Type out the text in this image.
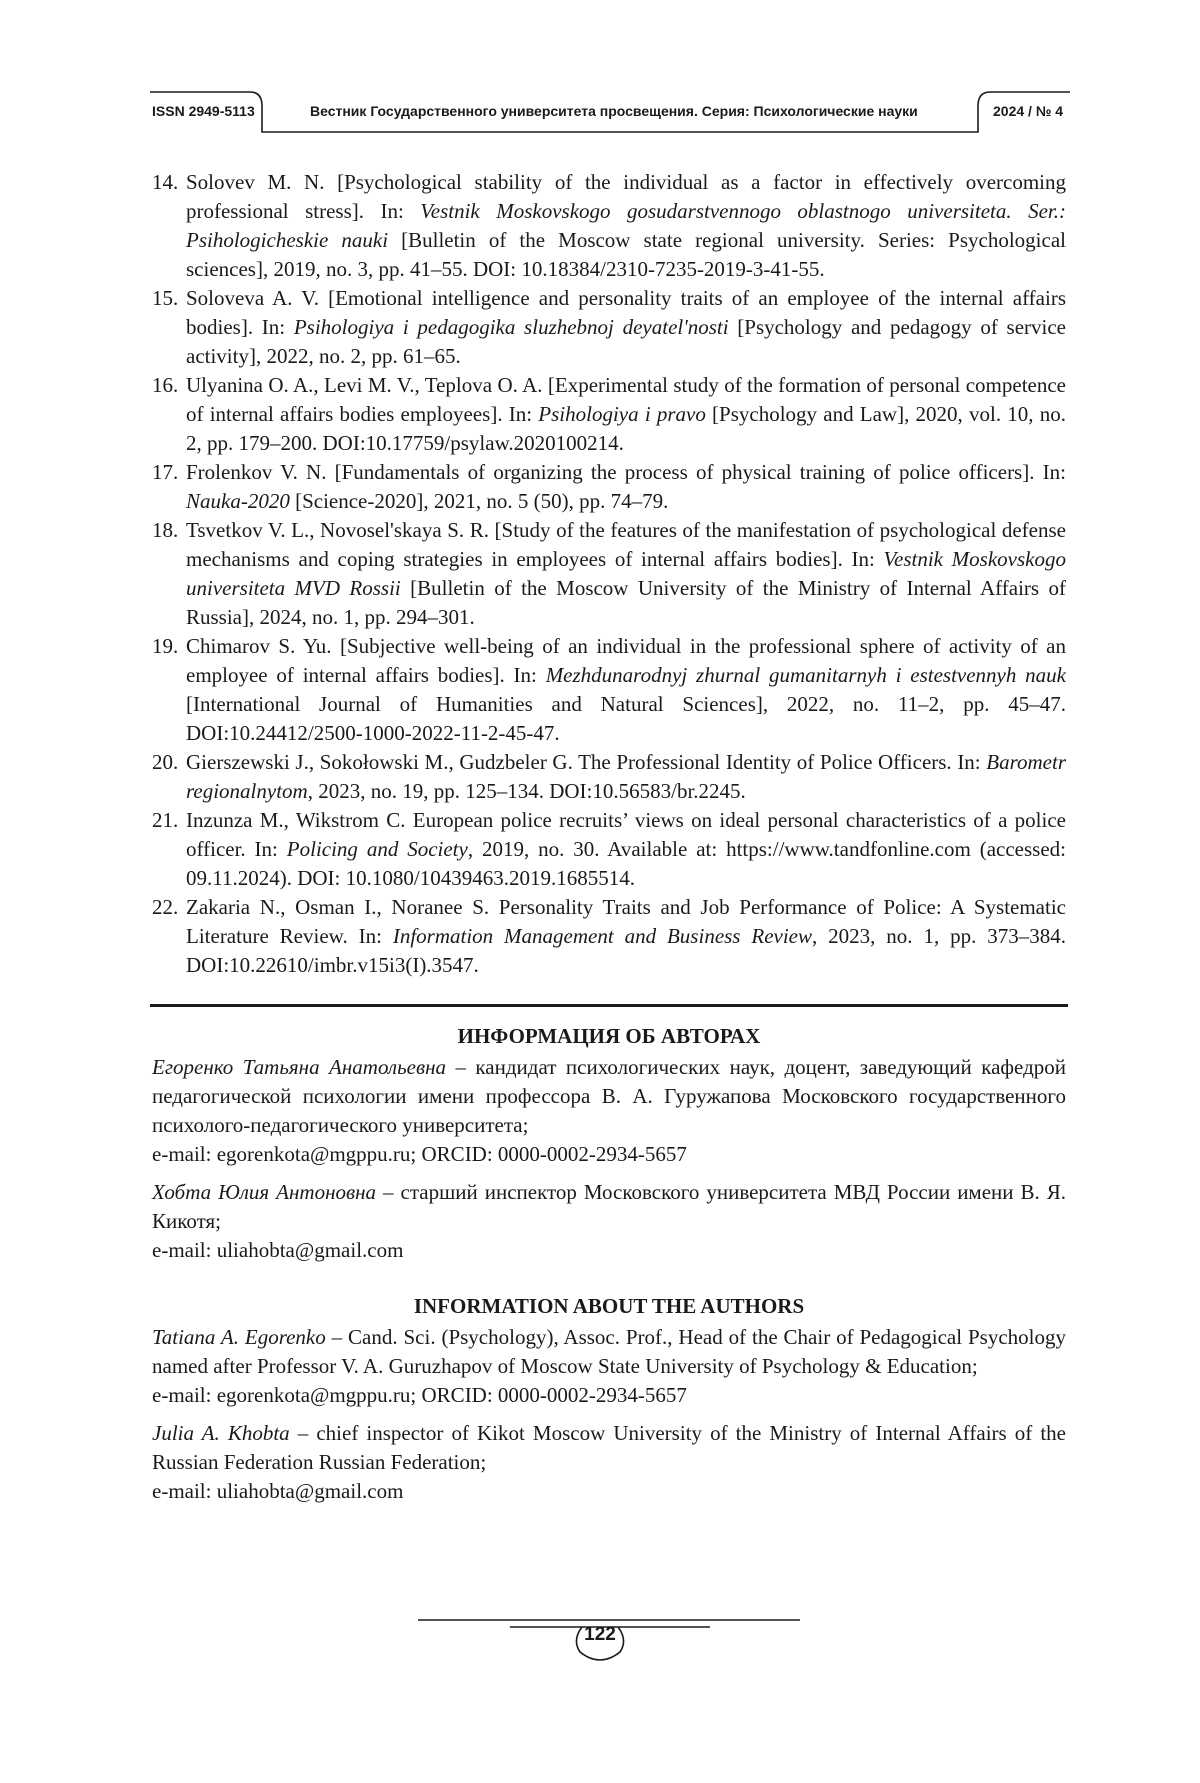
ISSN 2949-5113	Вестник Государственного университета просвещения. Серия: Психологические науки	2024 / № 4

14. Solovev M. N. [Psychological stability of the individual as a factor in effectively overcoming professional stress]. In: Vestnik Moskovskogo gosudarstvennogo oblastnogo universiteta. Ser.: Psihologicheskie nauki [Bulletin of the Moscow state regional university. Series: Psychological sciences], 2019, no. 3, pp. 41–55. DOI: 10.18384/2310-7235-2019-3-41-55.
15. Soloveva A. V. [Emotional intelligence and personality traits of an employee of the internal affairs bodies]. In: Psihologiya i pedagogika sluzhebnoj deyatel'nosti [Psychology and pedagogy of service activity], 2022, no. 2, pp. 61–65.
16. Ulyanina O. A., Levi M. V., Teplova O. A. [Experimental study of the formation of personal competence of internal affairs bodies employees]. In: Psihologiya i pravo [Psychology and Law], 2020, vol. 10, no. 2, pp. 179–200. DOI:10.17759/psylaw.2020100214.
17. Frolenkov V. N. [Fundamentals of organizing the process of physical training of police officers]. In: Nauka-2020 [Science-2020], 2021, no. 5 (50), pp. 74–79.
18. Tsvetkov V. L., Novosel'skaya S. R. [Study of the features of the manifestation of psychological defense mechanisms and coping strategies in employees of internal affairs bodies]. In: Vestnik Moskovskogo universiteta MVD Rossii [Bulletin of the Moscow University of the Ministry of Internal Affairs of Russia], 2024, no. 1, pp. 294–301.
19. Chimarov S. Yu. [Subjective well-being of an individual in the professional sphere of activity of an employee of internal affairs bodies]. In: Mezhdunarodnyj zhurnal gumanitarnyh i estestvennyh nauk [International Journal of Humanities and Natural Sciences], 2022, no. 11–2, pp. 45–47. DOI:10.24412/2500-1000-2022-11-2-45-47.
20. Gierszewski J., Sokołowski M., Gudzbeler G. The Professional Identity of Police Officers. In: Barometr regionalnytom, 2023, no. 19, pp. 125–134. DOI:10.56583/br.2245.
21. Inzunza M., Wikstrom C. European police recruits’ views on ideal personal characteristics of a police officer. In: Policing and Society, 2019, no. 30. Available at: https://www.tandfonline.com (accessed: 09.11.2024). DOI: 10.1080/10439463.2019.1685514.
22. Zakaria N., Osman I., Noranee S. Personality Traits and Job Performance of Police: A Systematic Literature Review. In: Information Management and Business Review, 2023, no. 1, pp. 373–384. DOI:10.22610/imbr.v15i3(I).3547.
ИНФОРМАЦИЯ ОБ АВТОРАХ

Егоренко Татьяна Анатольевна – кандидат психологических наук, доцент, заведующий кафедрой педагогической психологии имени профессора В. А. Гуружапова Московского государственного психолого-педагогического университета;

e-mail: egorenkota@mgppu.ru; ORCID: 0000-0002-2934-5657

Хобта Юлия Антоновна – старший инспектор Московского университета МВД России имени В. Я. Кикотя;

e-mail: uliahobta@gmail.com

INFORMATION ABOUT THE AUTHORS

Tatiana A. Egorenko – Cand. Sci. (Psychology), Assoc. Prof., Head of the Chair of Pedagogical Psychology named after Professor V. A. Guruzhapov of Moscow State University of Psychology & Education;

e-mail: egorenkota@mgppu.ru; ORCID: 0000-0002-2934-5657

Julia A. Khobta – chief inspector of Kikot Moscow University of the Ministry of Internal Affairs of the Russian Federation Russian Federation;

e-mail: uliahobta@gmail.com

122
